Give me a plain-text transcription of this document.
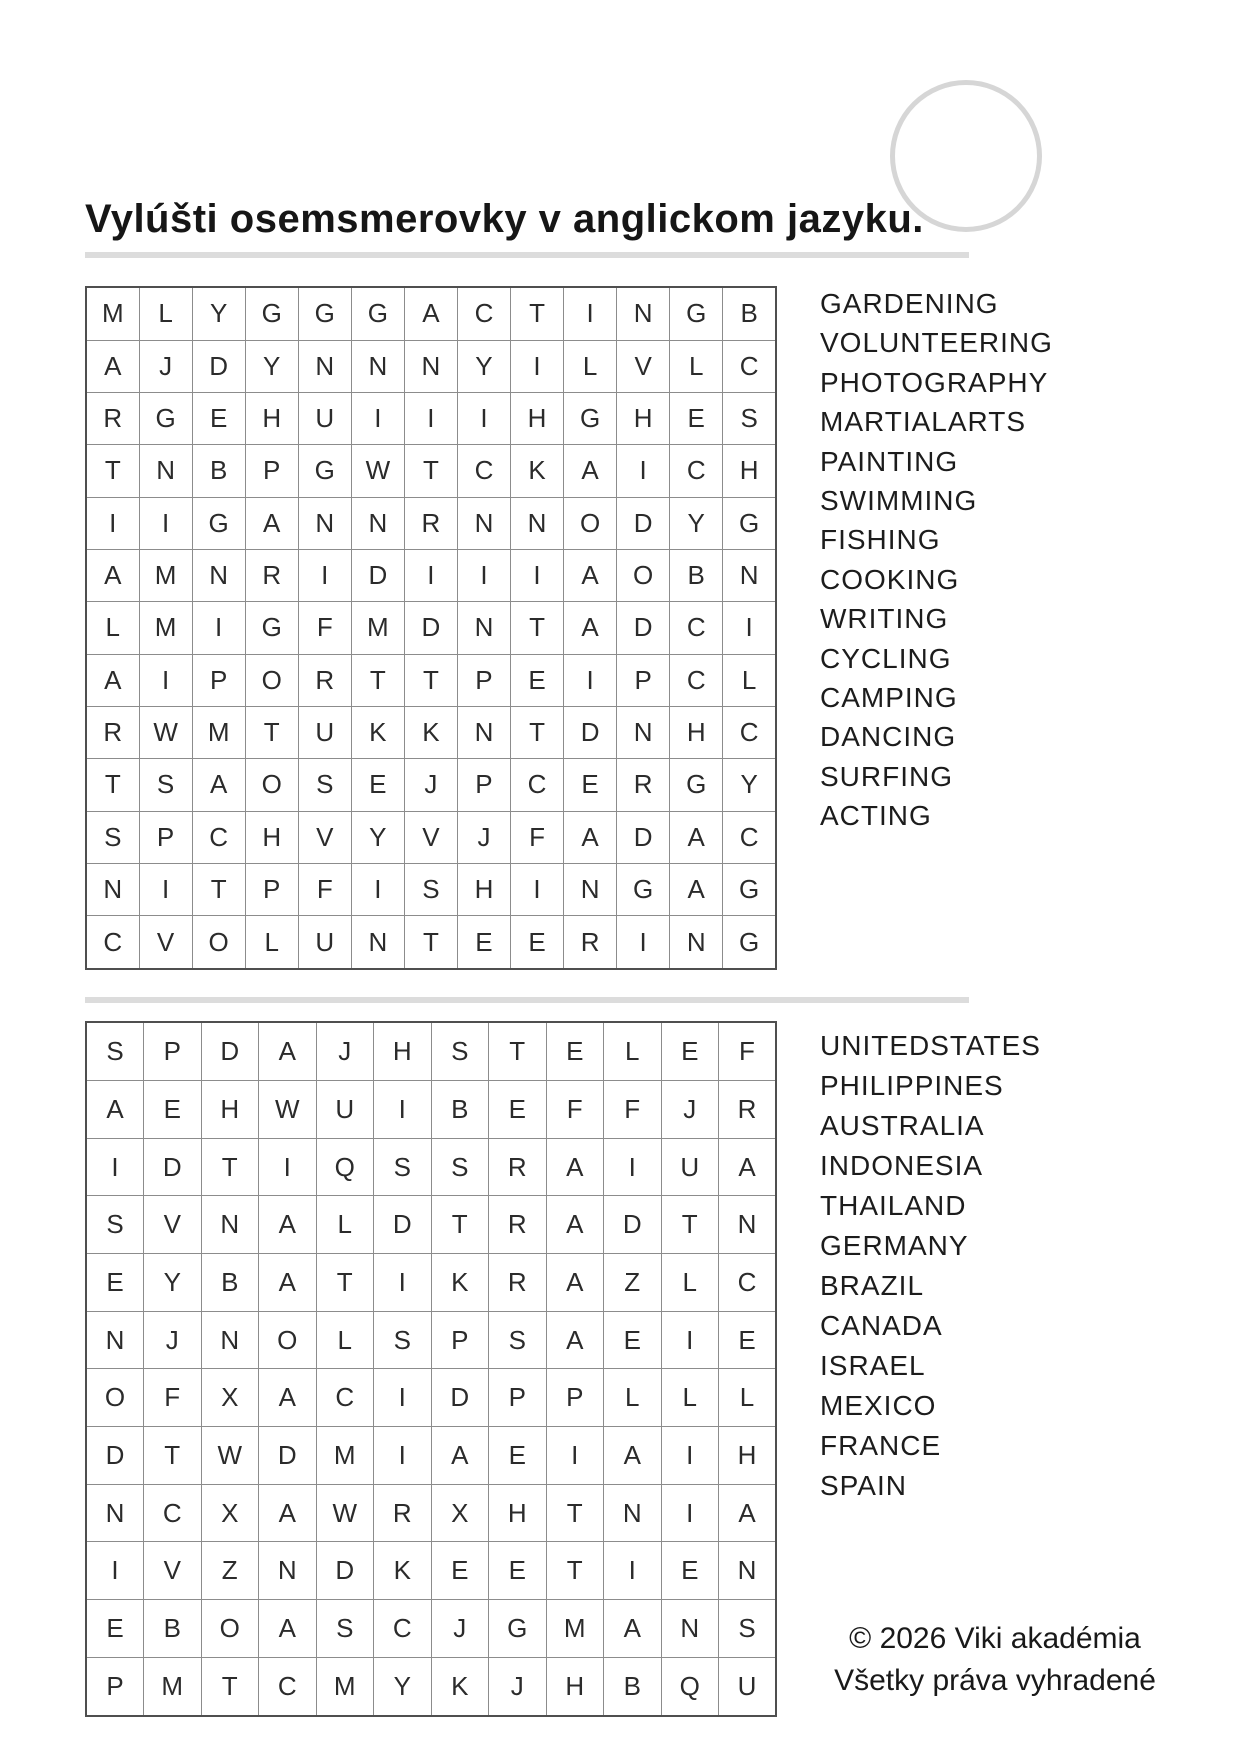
Vylúšti osemsmerovky v anglickom jazyku.
M	L	Y	G	G	G	A	C	T	I	N	G	B
A	J	D	Y	N	N	N	Y	I	L	V	L	C
R	G	E	H	U	I	I	I	H	G	H	E	S
T	N	B	P	G	W	T	C	K	A	I	C	H
I	I	G	A	N	N	R	N	N	O	D	Y	G
A	M	N	R	I	D	I	I	I	A	O	B	N
L	M	I	G	F	M	D	N	T	A	D	C	I
A	I	P	O	R	T	T	P	E	I	P	C	L
R	W	M	T	U	K	K	N	T	D	N	H	C
T	S	A	O	S	E	J	P	C	E	R	G	Y
S	P	C	H	V	Y	V	J	F	A	D	A	C
N	I	T	P	F	I	S	H	I	N	G	A	G
C	V	O	L	U	N	T	E	E	R	I	N	G
GARDENING
VOLUNTEERING
PHOTOGRAPHY
MARTIALARTS
PAINTING
SWIMMING
FISHING
COOKING
WRITING
CYCLING
CAMPING
DANCING
SURFING
ACTING
S	P	D	A	J	H	S	T	E	L	E	F
A	E	H	W	U	I	B	E	F	F	J	R
I	D	T	I	Q	S	S	R	A	I	U	A
S	V	N	A	L	D	T	R	A	D	T	N
E	Y	B	A	T	I	K	R	A	Z	L	C
N	J	N	O	L	S	P	S	A	E	I	E
O	F	X	A	C	I	D	P	P	L	L	L
D	T	W	D	M	I	A	E	I	A	I	H
N	C	X	A	W	R	X	H	T	N	I	A
I	V	Z	N	D	K	E	E	T	I	E	N
E	B	O	A	S	C	J	G	M	A	N	S
P	M	T	C	M	Y	K	J	H	B	Q	U
UNITEDSTATES
PHILIPPINES
AUSTRALIA
INDONESIA
THAILAND
GERMANY
BRAZIL
CANADA
ISRAEL
MEXICO
FRANCE
SPAIN
© 2026 Viki akadémia
Všetky práva vyhradené
